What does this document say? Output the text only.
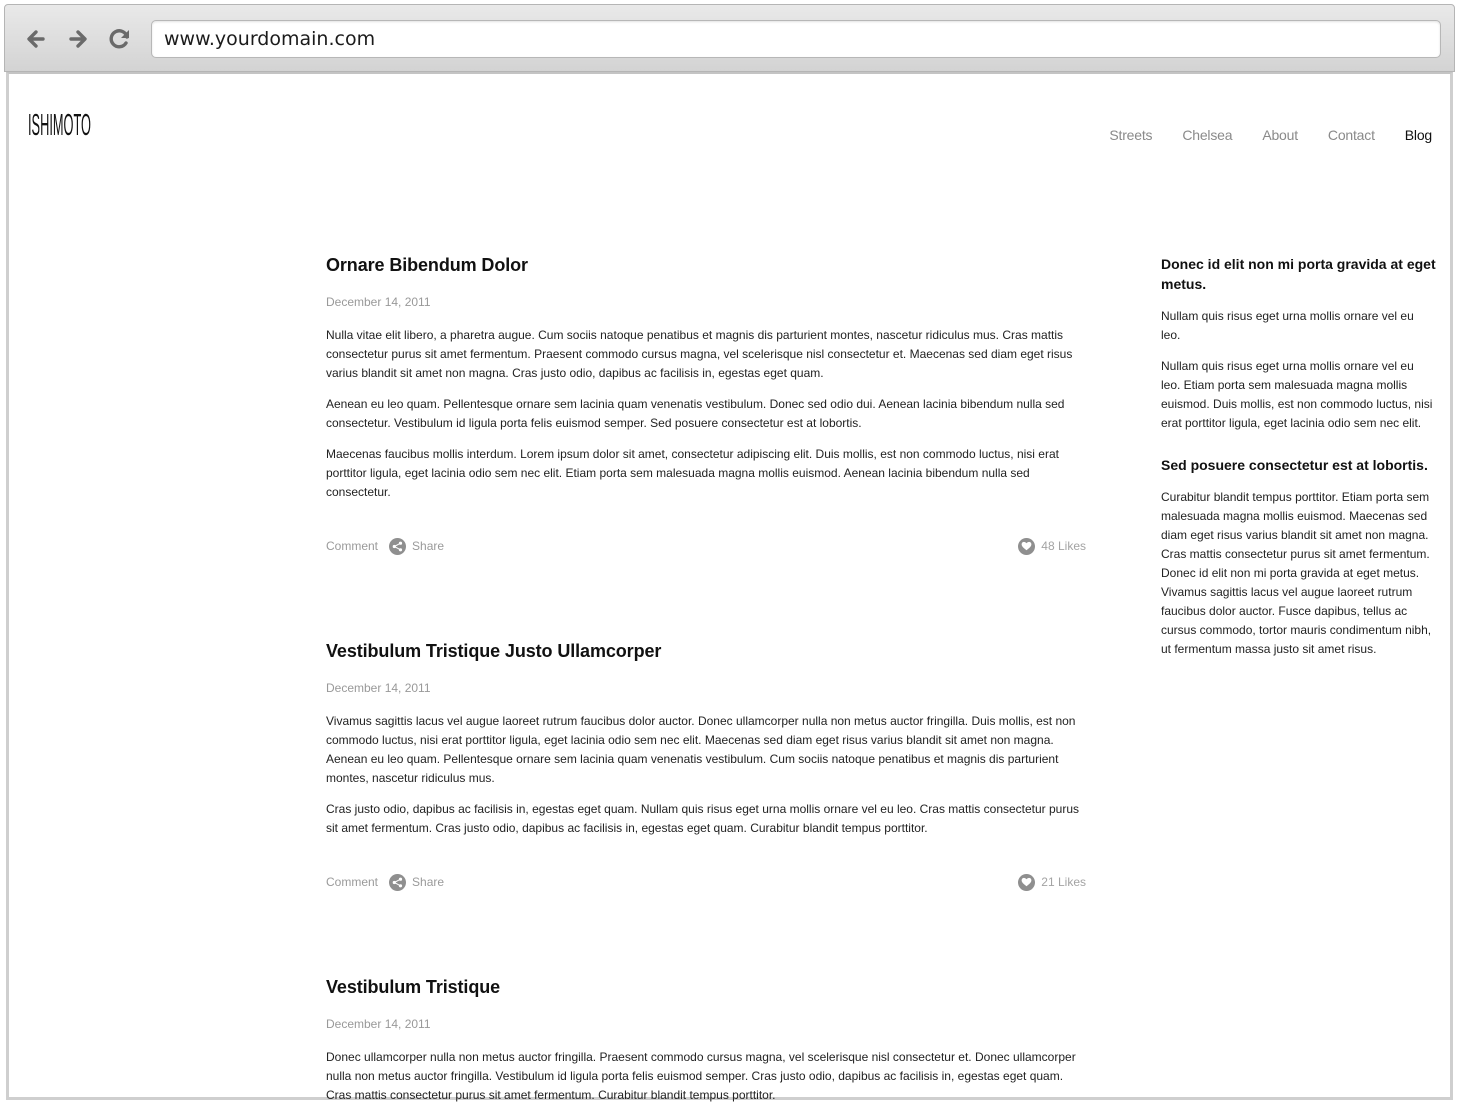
www.yourdomain.com
ISHIMOTO	Streets Chelsea About Contact Blog
Ornare Bibendum Dolor
December 14, 2011

Nulla vitae elit libero, a pharetra augue. Cum sociis natoque penatibus et magnis dis parturient montes, nascetur ridiculus mus. Cras mattis consectetur purus sit amet fermentum. Praesent commodo cursus magna, vel scelerisque nisl consectetur et. Maecenas sed diam eget risus varius blandit sit amet non magna. Cras justo odio, dapibus ac facilisis in, egestas eget quam.

Aenean eu leo quam. Pellentesque ornare sem lacinia quam venenatis vestibulum. Donec sed odio dui. Aenean lacinia bibendum nulla sed consectetur. Vestibulum id ligula porta felis euismod semper. Sed posuere consectetur est at lobortis.

Maecenas faucibus mollis interdum. Lorem ipsum dolor sit amet, consectetur adipiscing elit. Duis mollis, est non commodo luctus, nisi erat porttitor ligula, eget lacinia odio sem nec elit. Etiam porta sem malesuada magna mollis euismod. Aenean lacinia bibendum nulla sed consectetur.

Comment	Share	48 Likes
Vestibulum Tristique Justo Ullamcorper
December 14, 2011

Vivamus sagittis lacus vel augue laoreet rutrum faucibus dolor auctor. Donec ullamcorper nulla non metus auctor fringilla. Duis mollis, est non commodo luctus, nisi erat porttitor ligula, eget lacinia odio sem nec elit. Maecenas sed diam eget risus varius blandit sit amet non magna. Aenean eu leo quam. Pellentesque ornare sem lacinia quam venenatis vestibulum. Cum sociis natoque penatibus et magnis dis parturient montes, nascetur ridiculus mus.

Cras justo odio, dapibus ac facilisis in, egestas eget quam. Nullam quis risus eget urna mollis ornare vel eu leo. Cras mattis consectetur purus sit amet fermentum. Cras justo odio, dapibus ac facilisis in, egestas eget quam. Curabitur blandit tempus porttitor.

Comment	Share	21 Likes
Vestibulum Tristique
December 14, 2011

Donec ullamcorper nulla non metus auctor fringilla. Praesent commodo cursus magna, vel scelerisque nisl consectetur et. Donec ullamcorper nulla non metus auctor fringilla. Vestibulum id ligula porta felis euismod semper. Cras justo odio, dapibus ac facilisis in, egestas eget quam. Cras mattis consectetur purus sit amet fermentum. Curabitur blandit tempus porttitor.

Donec id elit non mi porta gravida at eget metus.

Nullam quis risus eget urna mollis ornare vel eu leo.

Nullam quis risus eget urna mollis ornare vel eu leo. Etiam porta sem malesuada magna mollis euismod. Duis mollis, est non commodo luctus, nisi erat porttitor ligula, eget lacinia odio sem nec elit.

Sed posuere consectetur est at lobortis.

Curabitur blandit tempus porttitor. Etiam porta sem malesuada magna mollis euismod. Maecenas sed diam eget risus varius blandit sit amet non magna. Cras mattis consectetur purus sit amet fermentum. Donec id elit non mi porta gravida at eget metus. Vivamus sagittis lacus vel augue laoreet rutrum faucibus dolor auctor. Fusce dapibus, tellus ac cursus commodo, tortor mauris condimentum nibh, ut fermentum massa justo sit amet risus.
